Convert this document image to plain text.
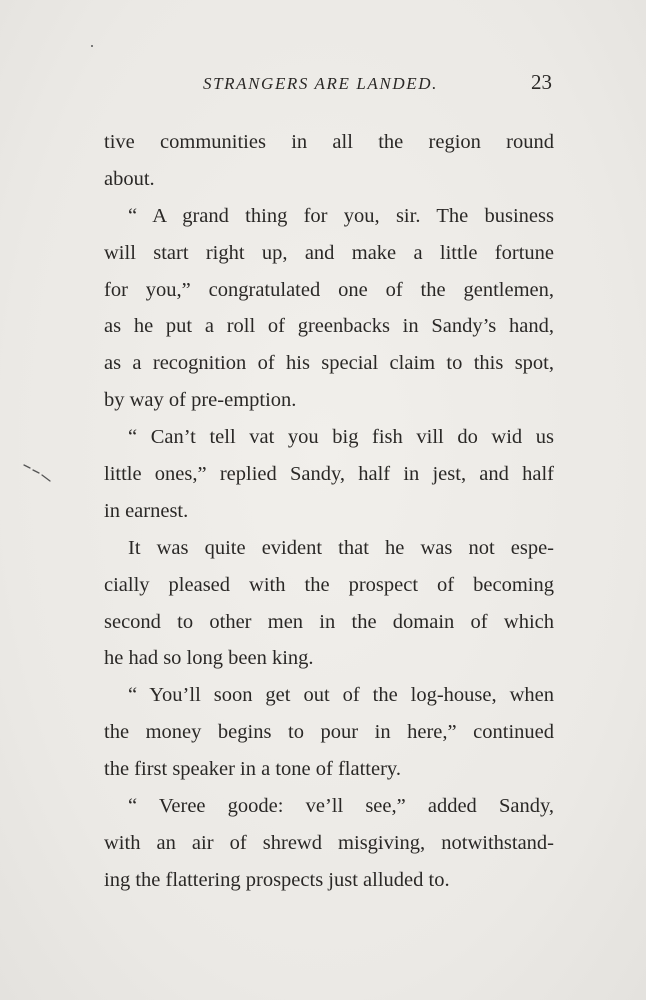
STRANGERS ARE LANDED.	23
tive communities in all the region round
about.
“ A grand thing for you, sir. The business
will start right up, and make a little fortune
for you,” congratulated one of the gentlemen,
as he put a roll of greenbacks in Sandy’s hand,
as a recognition of his special claim to this spot,
by way of pre-emption.
“ Can’t tell vat you big fish vill do wid us
little ones,” replied Sandy, half in jest, and half
in earnest.
It was quite evident that he was not espe-
cially pleased with the prospect of becoming
second to other men in the domain of which
he had so long been king.
“ You’ll soon get out of the log-house, when
the money begins to pour in here,” continued
the first speaker in a tone of flattery.
“ Veree goode: ve’ll see,” added Sandy,
with an air of shrewd misgiving, notwithstand-
ing the flattering prospects just alluded to.
